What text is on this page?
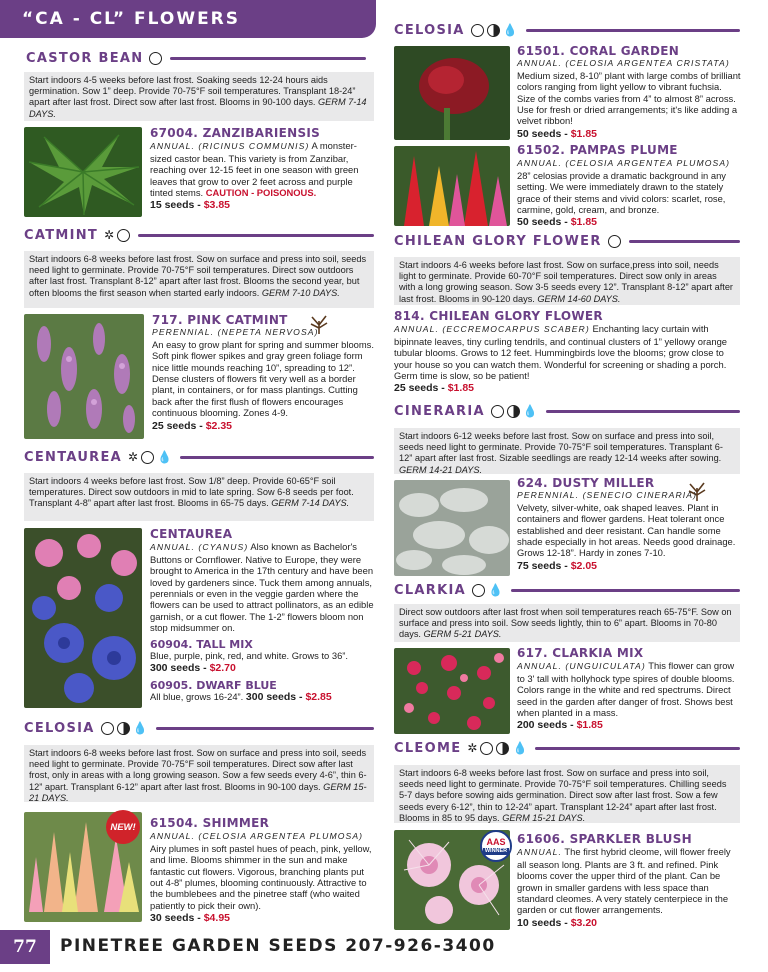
“CA - CL” FLOWERS
CASTOR BEAN
Start indoors 4-5 weeks before last frost. Soaking seeds 12-24 hours aids germination. Sow 1” deep. Provide 70-75°F soil temperatures. Transplant 18-24” apart after last frost. Direct sow after last frost. Blooms in 90-100 days. GERM 7-14 DAYS.
67004. ZANZIBARIENSIS
ANNUAL. (RICINUS COMMUNIS) A monster-sized castor bean. This variety is from Zanzibar, reaching over 12-15 feet in one season with green leaves that grow to over 2 feet across and purple tinted stems. CAUTION - POISONOUS.
15 seeds - $3.85
CATMINT ✲
Start indoors 6-8 weeks before last frost. Sow on surface and press into soil, seeds need light to germinate. Provide 70-75°F soil temperatures. Direct sow outdoors after last frost. Transplant 8-12” apart after last frost. Blooms the second year, but often blooms the first season when started early indoors. GERM 7-10 DAYS.
717. PINK CATMINT
PERENNIAL. (NEPETA NERVOSA)
An easy to grow plant for spring and summer blooms. Soft pink flower spikes and gray green foliage form nice little mounds reaching 10”, spreading to 12”. Dense clusters of flowers fit very well as a border plant, in containers, or for mass plantings. Cutting back after the first flush of flowers encourages continuous blooming. Zones 4-9.
25 seeds - $2.35
CENTAUREA ✲ 💧
Start indoors 4 weeks before last frost. Sow 1/8” deep. Provide 60-65°F soil temperatures. Direct sow outdoors in mid to late spring. Sow 6-8 seeds per foot. Transplant 4-8” apart after last frost. Blooms in 65-75 days. GERM 7-14 DAYS.
CENTAUREA
ANNUAL. (CYANUS) Also known as Bachelor's Buttons or Cornflower. Native to Europe, they were brought to America in the 17th century and have been loved by gardeners since. Tuck them among annuals, perennials or even in the veggie garden where the flowers can be used to attract pollinators, as an edible garnish, or a cut flower. The 1-2” flowers bloom non stop midsummer on.
60904. TALL MIX
Blue, purple, pink, red, and white. Grows to 36”.
300 seeds - $2.70
60905. DWARF BLUE
All blue, grows 16-24”. 300 seeds - $2.85
CELOSIA	💧
Start indoors 6-8 weeks before last frost. Sow on surface and press into soil, seeds need light to germinate. Provide 70-75°F soil temperatures. Direct sow after last frost, only in areas with a long growing season. Sow a few seeds every 4-6”, thin 6-12” apart. Transplant 6-12” apart after last frost. Blooms in 90-100 days. GERM 15-21 DAYS.
NEW!	61504. SHIMMER
ANNUAL. (CELOSIA ARGENTEA PLUMOSA) Airy plumes in soft pastel hues of peach, pink, yellow, and lime. Blooms shimmer in the sun and make fantastic cut flowers. Vigorous, branching plants put out 4-8” plumes, blooming continuously. Attractive to the bumblebees and the pinetree staff (who waited patiently to pick their own).
30 seeds - $4.95
CELOSIA	💧
61501. CORAL GARDEN
ANNUAL. (CELOSIA ARGENTEA CRISTATA)
Medium sized, 8-10” plant with large combs of brilliant colors ranging from light yellow to vibrant fuchsia. Size of the combs varies from 4” to almost 8” across. Use for fresh or dried arrangements; it's like adding a velvet ribbon!
50 seeds - $1.85
61502. PAMPAS PLUME
ANNUAL. (CELOSIA ARGENTEA PLUMOSA) 28” celosias provide a dramatic background in any setting. We were immediately drawn to the stately grace of their stems and vivid colors: scarlet, rose, carmine, gold, cream, and bronze.
50 seeds - $1.85
CHILEAN GLORY FLOWER
Start indoors 4-6 weeks before last frost. Sow on surface,press into soil, needs light to germinate. Provide 60-70°F soil temperatures. Direct sow only in areas with a long growing season. Sow 3-5 seeds every 12”. Transplant 8-12” apart after last frost. Blooms in 90-120 days. GERM 14-60 DAYS.
814. CHILEAN GLORY FLOWER
ANNUAL. (ECCREMOCARPUS SCABER) Enchanting lacy curtain with bipinnate leaves, tiny curling tendrils, and continual clusters of 1” yellowy orange tubular blooms. Grows to 12 feet. Hummingbirds love the blooms; grow close to your house so you can watch them. Wonderful for screening or shading a porch. Germ time is slow, so be patient!
25 seeds - $1.85
CINERARIA	💧
Start indoors 6-12 weeks before last frost. Sow on surface and press into soil, seeds need light to germinate. Provide 70-75°F soil temperatures. Transplant 6-12” apart after last frost. Sizable seedlings are ready 12-14 weeks after sowing. GERM 14-21 DAYS.
624. DUSTY MILLER
PERENNIAL. (SENECIO CINERARIA)
Velvety, silver-white, oak shaped leaves. Plant in containers and flower gardens. Heat tolerant once established and deer resistant. Can handle some shade especially in hot areas. Needs good drainage. Grows 12-18”. Hardy in zones 7-10.
75 seeds - $2.05
CLARKIA 💧
Direct sow outdoors after last frost when soil temperatures reach 65-75°F. Sow on surface and press into soil. Sow seeds lightly, thin to 6” apart. Blooms in 70-80 days. GERM 5-21 DAYS.
617. CLARKIA MIX
ANNUAL. (UNGUICULATA) This flower can grow to 3' tall with hollyhock type spires of double blooms. Colors range in the white and red spectrums. Direct seed in the garden after danger of frost. Shows best when planted in a mass.
200 seeds - $1.85
CLEOME ✲	💧
Start indoors 6-8 weeks before last frost. Sow on surface and press into soil, seeds need light to germinate. Provide 70-75°F soil temperatures. Chilling seeds 5-7 days before sowing aids germination. Direct sow after last frost. Sow a few seeds every 6-12”, thin to 12-24” apart. Transplant 12-24” apart after last frost. Blooms in 85 to 95 days. GERM 15-21 DAYS.
AAS
WINNER
61606. SPARKLER BLUSH
ANNUAL. The first hybrid cleome, will flower freely all season long. Plants are 3 ft. and refined. Pink blooms cover the upper third of the plant. Can be grown in smaller gardens with less space than standard cleomes. A very stately centerpiece in the garden or cut flower arrangements.
10 seeds - $3.20
77	PINETREE GARDEN SEEDS 207-926-3400
